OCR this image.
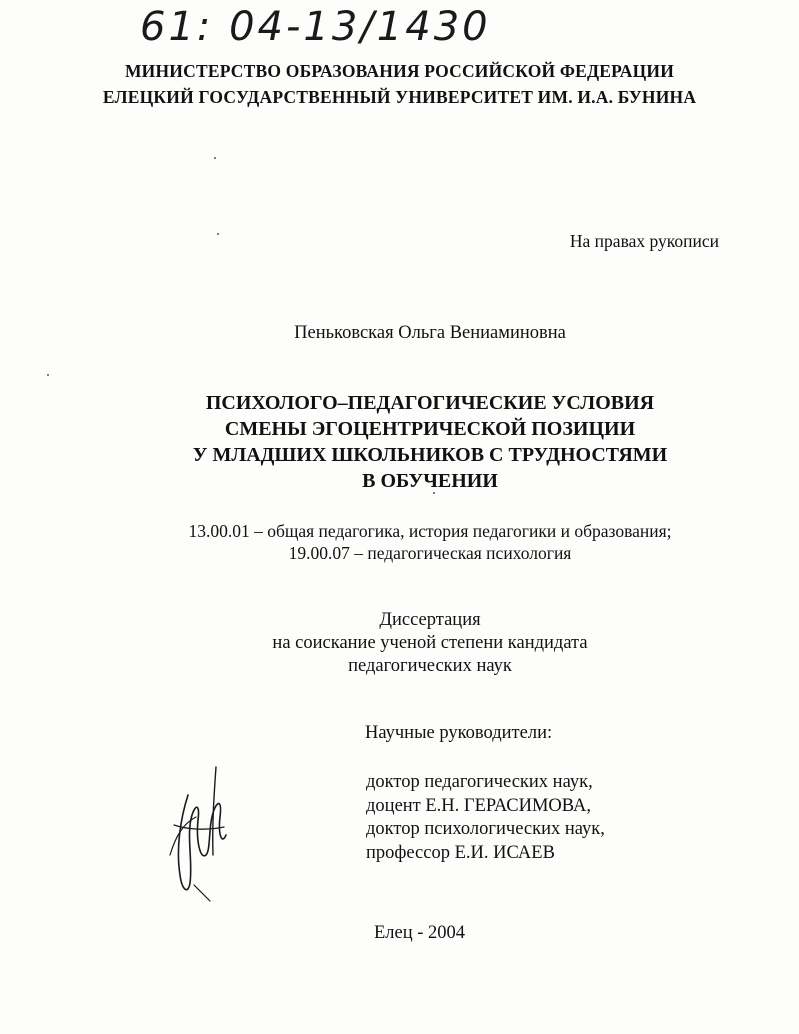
61: 04-13/1430
МИНИСТЕРСТВО ОБРАЗОВАНИЯ РОССИЙСКОЙ ФЕДЕРАЦИИ
ЕЛЕЦКИЙ ГОСУДАРСТВЕННЫЙ УНИВЕРСИТЕТ ИМ. И.А. БУНИНА
На правах рукописи
Пеньковская Ольга Вениаминовна
ПСИХОЛОГО–ПЕДАГОГИЧЕСКИЕ УСЛОВИЯ
СМЕНЫ ЭГОЦЕНТРИЧЕСКОЙ ПОЗИЦИИ
У МЛАДШИХ ШКОЛЬНИКОВ С ТРУДНОСТЯМИ
В ОБУЧЕНИИ
13.00.01 – общая педагогика, история педагогики и образования;
19.00.07 – педагогическая психология
Диссертация
на соискание ученой степени кандидата
педагогических наук
Научные руководители:
доктор педагогических наук,
доцент Е.Н. ГЕРАСИМОВА,
доктор психологических наук,
профессор Е.И. ИСАЕВ
Елец - 2004
